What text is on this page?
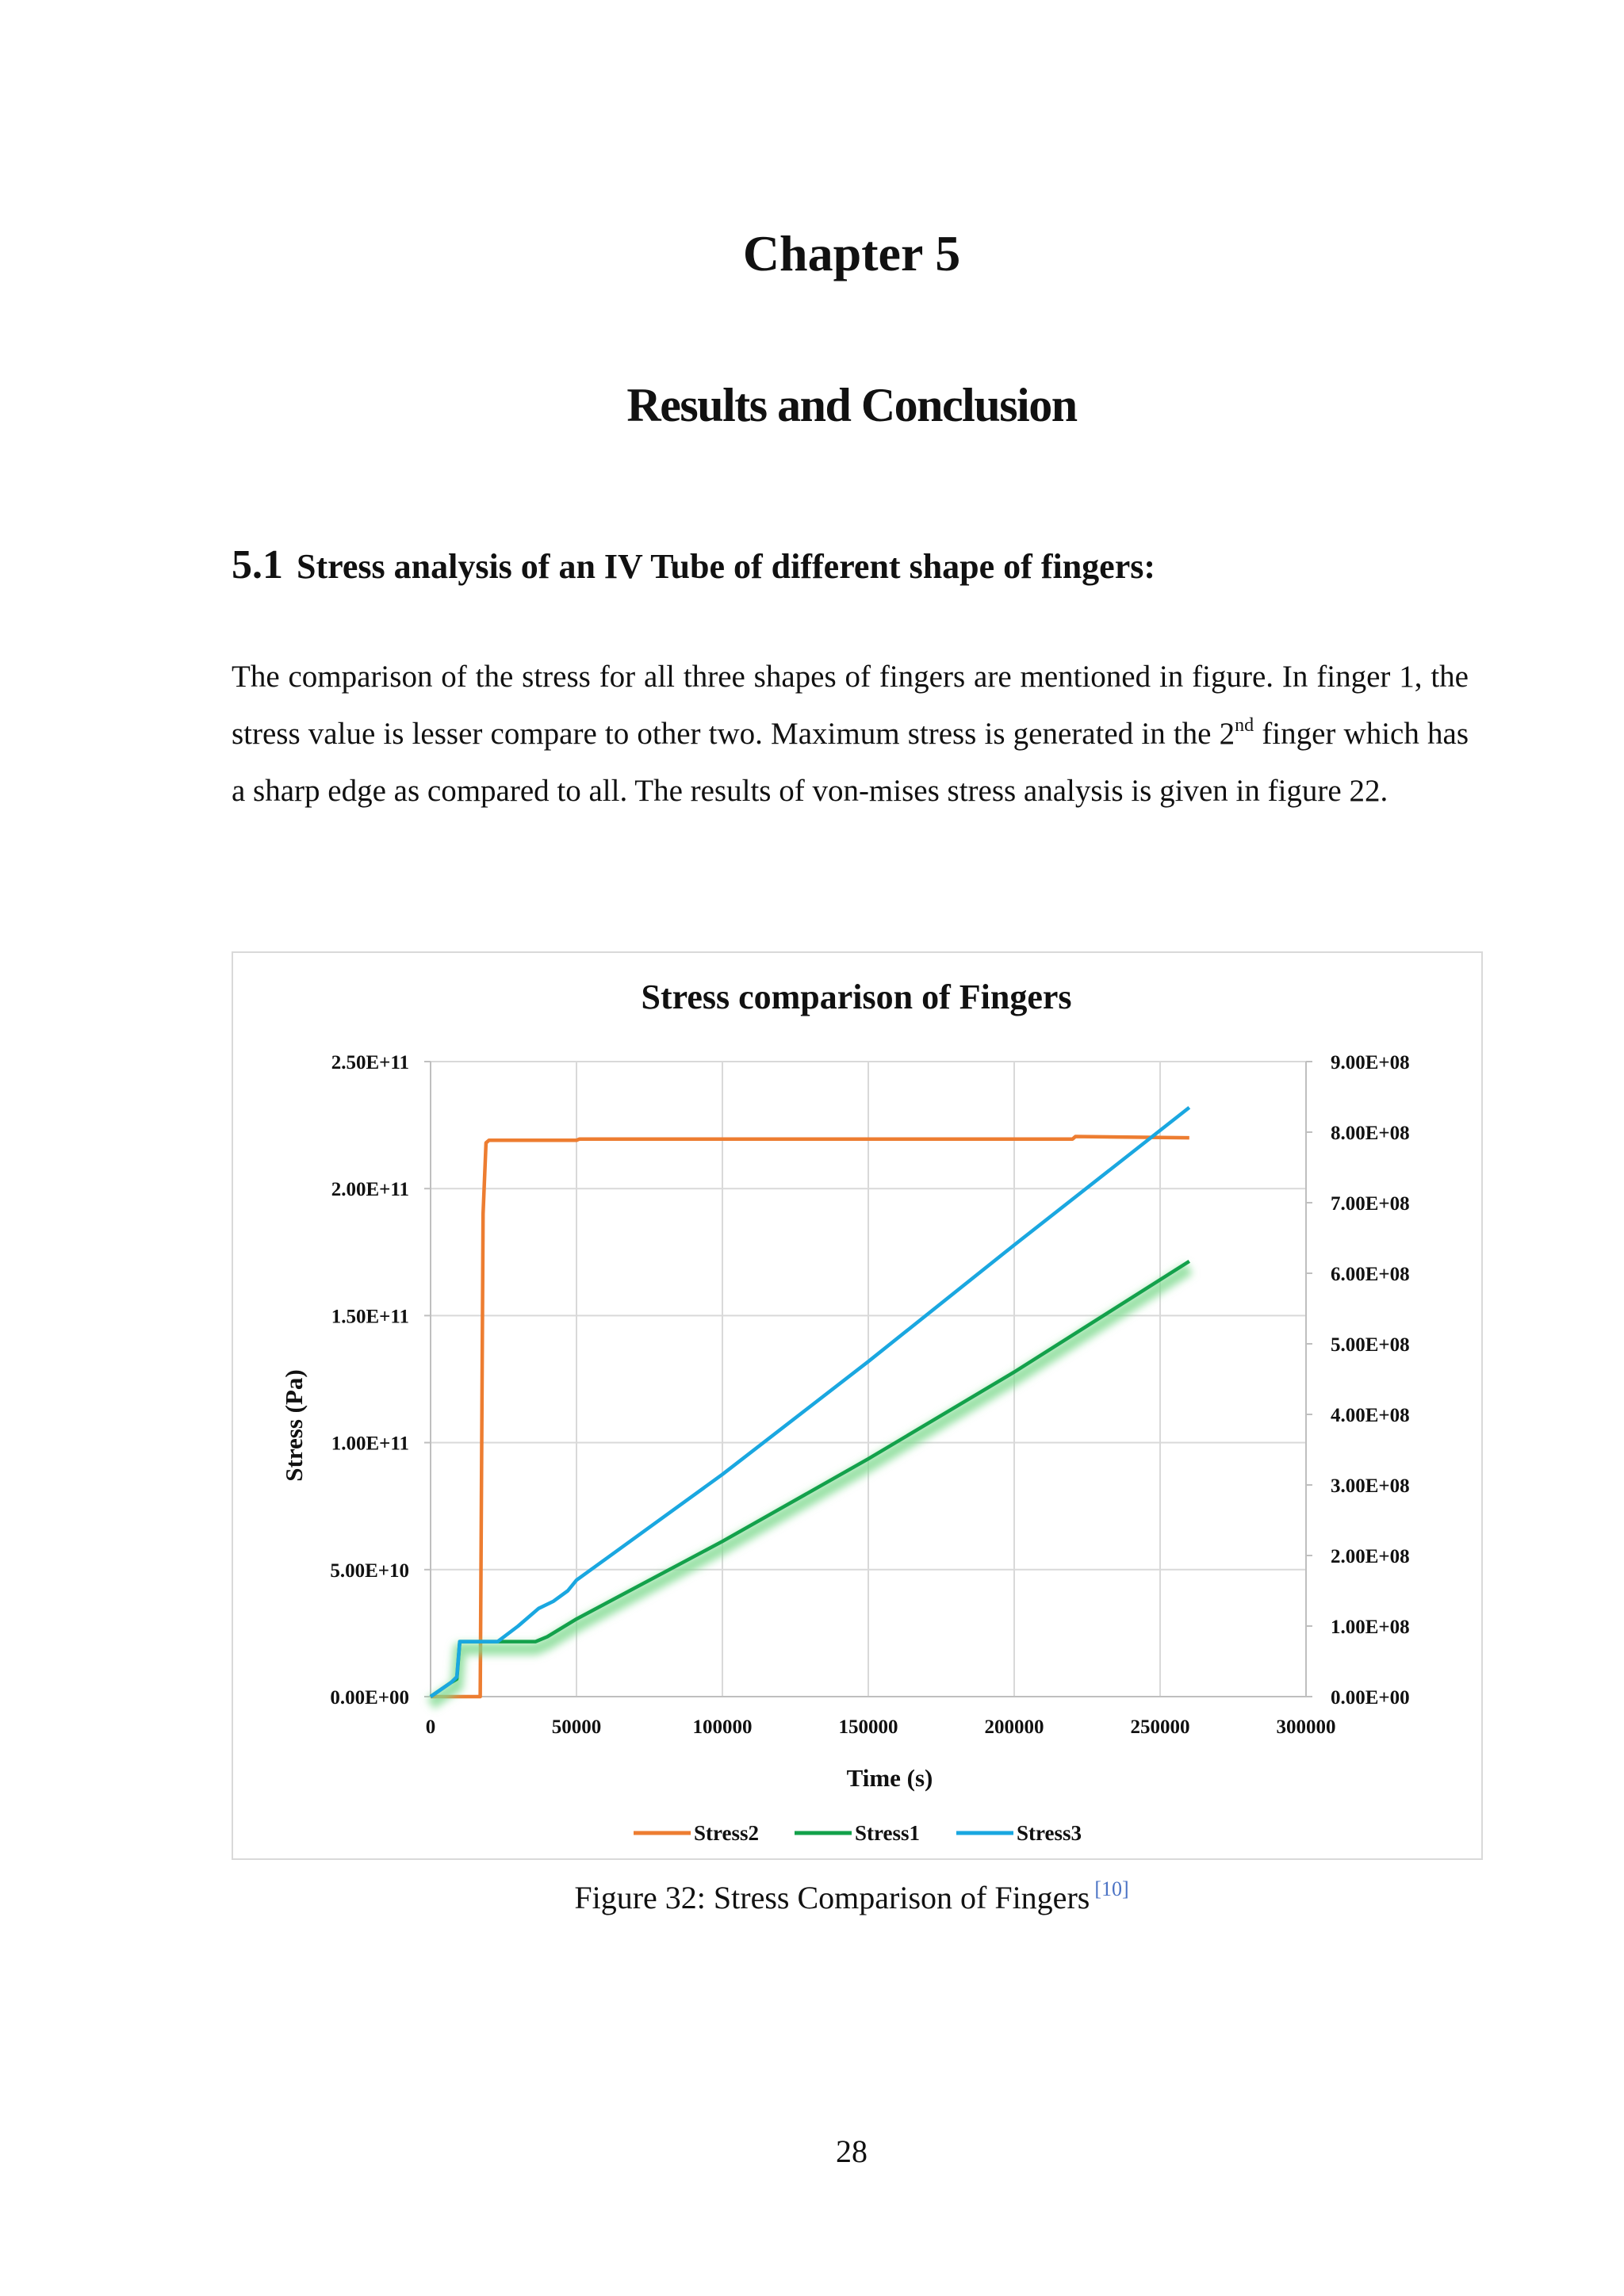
Chapter 5
Results and Conclusion
5.1 Stress analysis of an IV Tube of different shape of fingers:

The comparison of the stress for all three shapes of fingers are mentioned in figure. In finger 1, the stress value is lesser compare to other two. Maximum stress is generated in the 2nd finger which has a sharp edge as compared to all. The results of von-mises stress analysis is given in figure 22.

Stress comparison of Fingers
0	50000	100000	150000	200000	250000	300000
0.00E+00
5.00E+10
1.00E+11
1.50E+11
2.00E+11
2.50E+11
0.00E+00
1.00E+08
2.00E+08
3.00E+08
4.00E+08
5.00E+08
6.00E+08
7.00E+08
8.00E+08
9.00E+08
Time (s)
Stress (Pa)
Stress2	Stress1	Stress3

Figure 32: Stress Comparison of Fingers [10]

28
